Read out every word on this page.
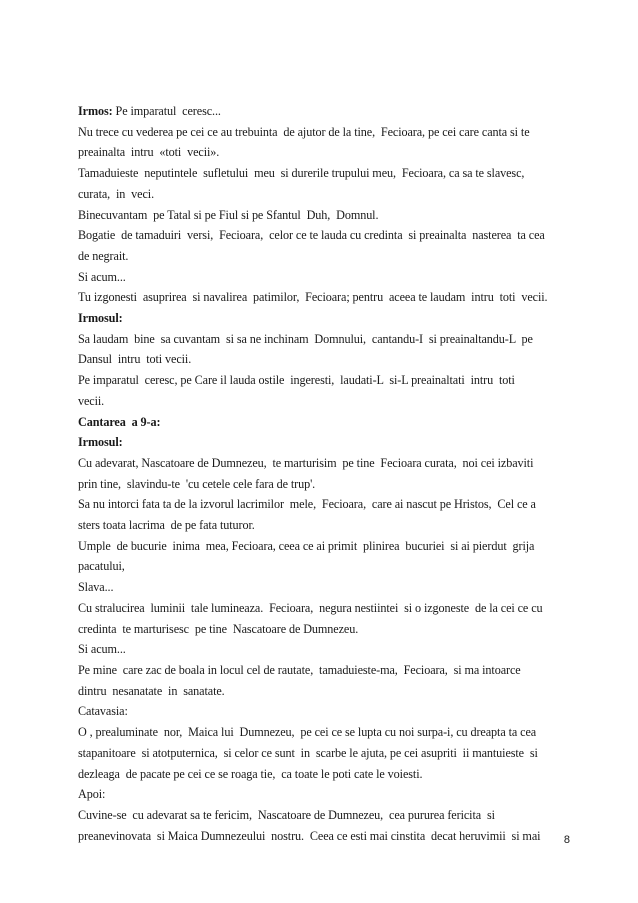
Irmos: Pe imparatul  ceresc...
Nu trece cu vederea pe cei ce au trebuinta  de ajutor de la tine,  Fecioara, pe cei care canta si te
preainalta  intru  «toti  vecii».
Tamaduieste  neputintele  sufletului  meu  si durerile trupului meu,  Fecioara, ca sa te slavesc,
curata,  in  veci.
Binecuvantam  pe Tatal si pe Fiul si pe Sfantul  Duh,  Domnul.
Bogatie  de tamaduiri  versi,  Fecioara,  celor ce te lauda cu credinta  si preainalta  nasterea  ta cea
de negrait.
Si acum...
Tu izgonesti  asuprirea  si navalirea  patimilor,  Fecioara; pentru  aceea te laudam  intru  toti  vecii.
Irmosul:
Sa laudam  bine  sa cuvantam  si sa ne inchinam  Domnului,  cantandu-I  si preainaltandu-L  pe
Dansul  intru  toti vecii.
Pe imparatul  ceresc, pe Care il lauda ostile  ingeresti,  laudati-L  si-L preainaltati  intru  toti
vecii.
Cantarea  a 9-a:
Irmosul:
Cu adevarat, Nascatoare de Dumnezeu,  te marturisim  pe tine  Fecioara curata,  noi cei izbaviti
prin tine,  slavindu-te  'cu cetele cele fara de trup'.
Sa nu intorci fata ta de la izvorul lacrimilor  mele,  Fecioara,  care ai nascut pe Hristos,  Cel ce a
sters toata lacrima  de pe fata tuturor.
Umple  de bucurie  inima  mea, Fecioara, ceea ce ai primit  plinirea  bucuriei  si ai pierdut  grija
pacatului,
Slava...
Cu stralucirea  luminii  tale lumineaza.  Fecioara,  negura nestiintei  si o izgoneste  de la cei ce cu
credinta  te marturisesc  pe tine  Nascatoare de Dumnezeu.
Si acum...
Pe mine  care zac de boala in locul cel de rautate,  tamaduieste-ma,  Fecioara,  si ma intoarce
dintru  nesanatate  in  sanatate.
Catavasia:
O , prealuminate  nor,  Maica lui  Dumnezeu,  pe cei ce se lupta cu noi surpa-i, cu dreapta ta cea
stapanitoare  si atotputernica,  si celor ce sunt  in  scarbe le ajuta, pe cei asupriti  ii mantuieste  si
dezleaga  de pacate pe cei ce se roaga tie,  ca toate le poti cate le voiesti.
Apoi:
Cuvine-se  cu adevarat sa te fericim,  Nascatoare de Dumnezeu,  cea pururea fericita  si
preanevinovata  si Maica Dumnezeului  nostru.  Ceea ce esti mai cinstita  decat heruvimii  si mai	8
